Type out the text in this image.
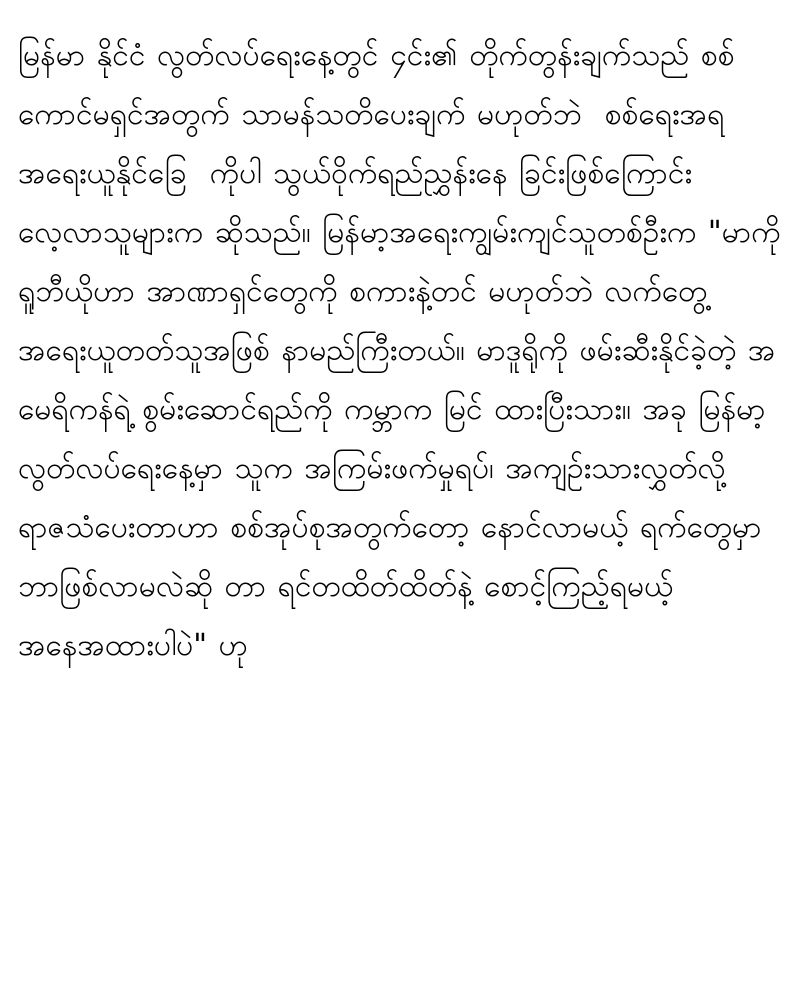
မြန်မာ နိုင်ငံ လွတ်လပ်ရေးနေ့တွင် ၄င်း၏ တိုက်တွန်းချက်သည် စစ်ကောင်မရှင်အတွက် သာမန်သတိပေးချက် မဟုတ်ဘဲ  စစ်ရေးအရ အရေးယူနိုင်ခြေ  ကိုပါ သွယ်ဝိုက်ရည်ညွှန်းနေ ခြင်းဖြစ်ကြောင်း လေ့လာသူများက ဆိုသည်။ မြန်မာ့အရေးကျွမ်းကျင်သူတစ်ဦးက "မာကိုရူဘီယိုဟာ အာဏာရှင်တွေကို စကားနဲ့တင် မဟုတ်ဘဲ လက်တွေ့အရေးယူတတ်သူအဖြစ် နာမည်ကြီးတယ်။ မာဒူရိုကို ဖမ်းဆီးနိုင်ခဲ့တဲ့ အမေရိကန်ရဲ့ စွမ်းဆောင်ရည်ကို ကမ္ဘာက မြင် ထားပြီးသား။ အခု မြန်မာ့လွတ်လပ်ရေးနေ့မှာ သူက အကြမ်းဖက်မှုရပ်၊ အကျဉ်းသားလွှတ်လို့ ရာဇသံပေးတာဟာ စစ်အုပ်စုအတွက်တော့ နောင်လာမယ့် ရက်တွေမှာ ဘာဖြစ်လာမလဲဆို တာ ရင်တထိတ်ထိတ်နဲ့ စောင့်ကြည့်ရမယ့် အနေအထားပါပဲ" ဟု
